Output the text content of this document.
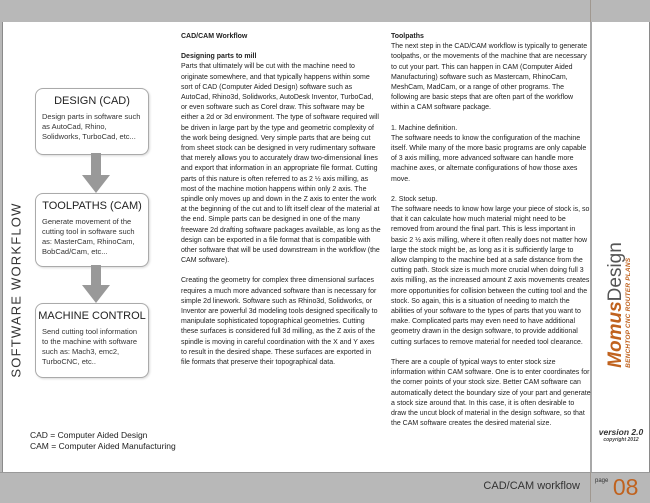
SOFTWARE WORKFLOW
DESIGN (CAD)

Design parts in software such as AutoCad, Rhino, Solidworks, TurboCad, etc...

TOOLPATHS (CAM)

Generate movement of the cutting tool in software such as: MasterCam, RhinoCam, BobCad/Cam, etc...

MACHINE CONTROL

Send cutting tool information to the machine with software such as: Mach3, emc2, TurboCNC, etc..

CAD = Computer Aided Design
CAM = Computer Aided Manufacturing

CAD/CAM Workflow

Designing parts to mill

Parts that ultimately will be cut with the machine need to originate somewhere, and that typically happens within some sort of CAD (Computer Aided Design) software such as AutoCad, Rhino3d, Solidworks, AutoDesk Inventor, TurboCad, or even software such as Corel draw. This software may be either a 2d or 3d environment. The type of software required will be driven in large part by the type and geometric complexity of the work being designed. Very simple parts that are being cut from sheet stock can be designed in very rudimentary software that merely allows you to accurately draw two-dimensional lines and export that information in an appropriate file format. Cutting parts of this nature is often referred to as 2 ½ axis milling, as most of the machine motion happens within only 2 axis. The spindle only moves up and down in the Z axis to enter the work at the beginning of the cut and to lift itself clear of the material at the end. Simple parts can be designed in one of the many freeware 2d drafting software packages available, as long as the design can be exported in a file format that is compatible with other software that will be used downstream in the workflow (the CAM software).

Creating the geometry for complex three dimensional surfaces requires a much more advanced software than is necessary for simple 2d linework. Software such as Rhino3d, Solidworks, or Inventor are powerful 3d modeling tools designed specifically to manipulate sophisticated topographical geometries. Cutting these surfaces is considered full 3d milling, as the Z axis of the spindle is moving in careful coordination with the X and Y axes to result in the desired shape. These surfaces are exported in file formats that preserve their topographical data.

Toolpaths

The next step in the CAD/CAM workflow is typically to generate toolpaths, or the movements of the machine that are necessary to cut your part. This can happen in CAM (Computer Aided Manufacturing) software such as Mastercam, RhinoCam, MeshCam, MadCam, or a range of other programs. The following are basic steps that are often part of the workflow within a CAM software package.

1. Machine definition.

The software needs to know the configuration of the machine itself. While many of the more basic programs are only capable of 3 axis milling, more advanced software can handle more machine axes, or alternate configurations of how those axes move.

2. Stock setup.

The software needs to know how large your piece of stock is, so that it can calculate how much material might need to be removed from around the final part. This is less important in basic 2 ½ axis milling, where it often really does not matter how large the stock might be, as long as it is sufficiently large to allow clamping to the machine bed at a safe distance from the cutting path. Stock size is much more crucial when doing full 3 axis milling, as the increased amount Z axis movements creates more opportunities for collision between the cutting tool and the stock. So again, this is a situation of needing to match the abilities of your software to the types of parts that you want to make. Complicated parts may even need to have additional geometry drawn in the design software, to provide additional cutting surfaces to remove material for needed tool clearance.

There are a couple of typical ways to enter stock size information within CAM software. One is to enter coordinates for the corner points of your stock size. Better CAM software can automatically detect the boundary size of your part and generate a stock size around that. In this case, it is often desirable to draw the uncut block of material in the design software, so that the CAM software creates the desired material size.

MomusDesign BENCHTOP CNC ROUTER PLANS
version 2.0
copyright 2012
CAD/CAM workflow	$^{page}$ 08
